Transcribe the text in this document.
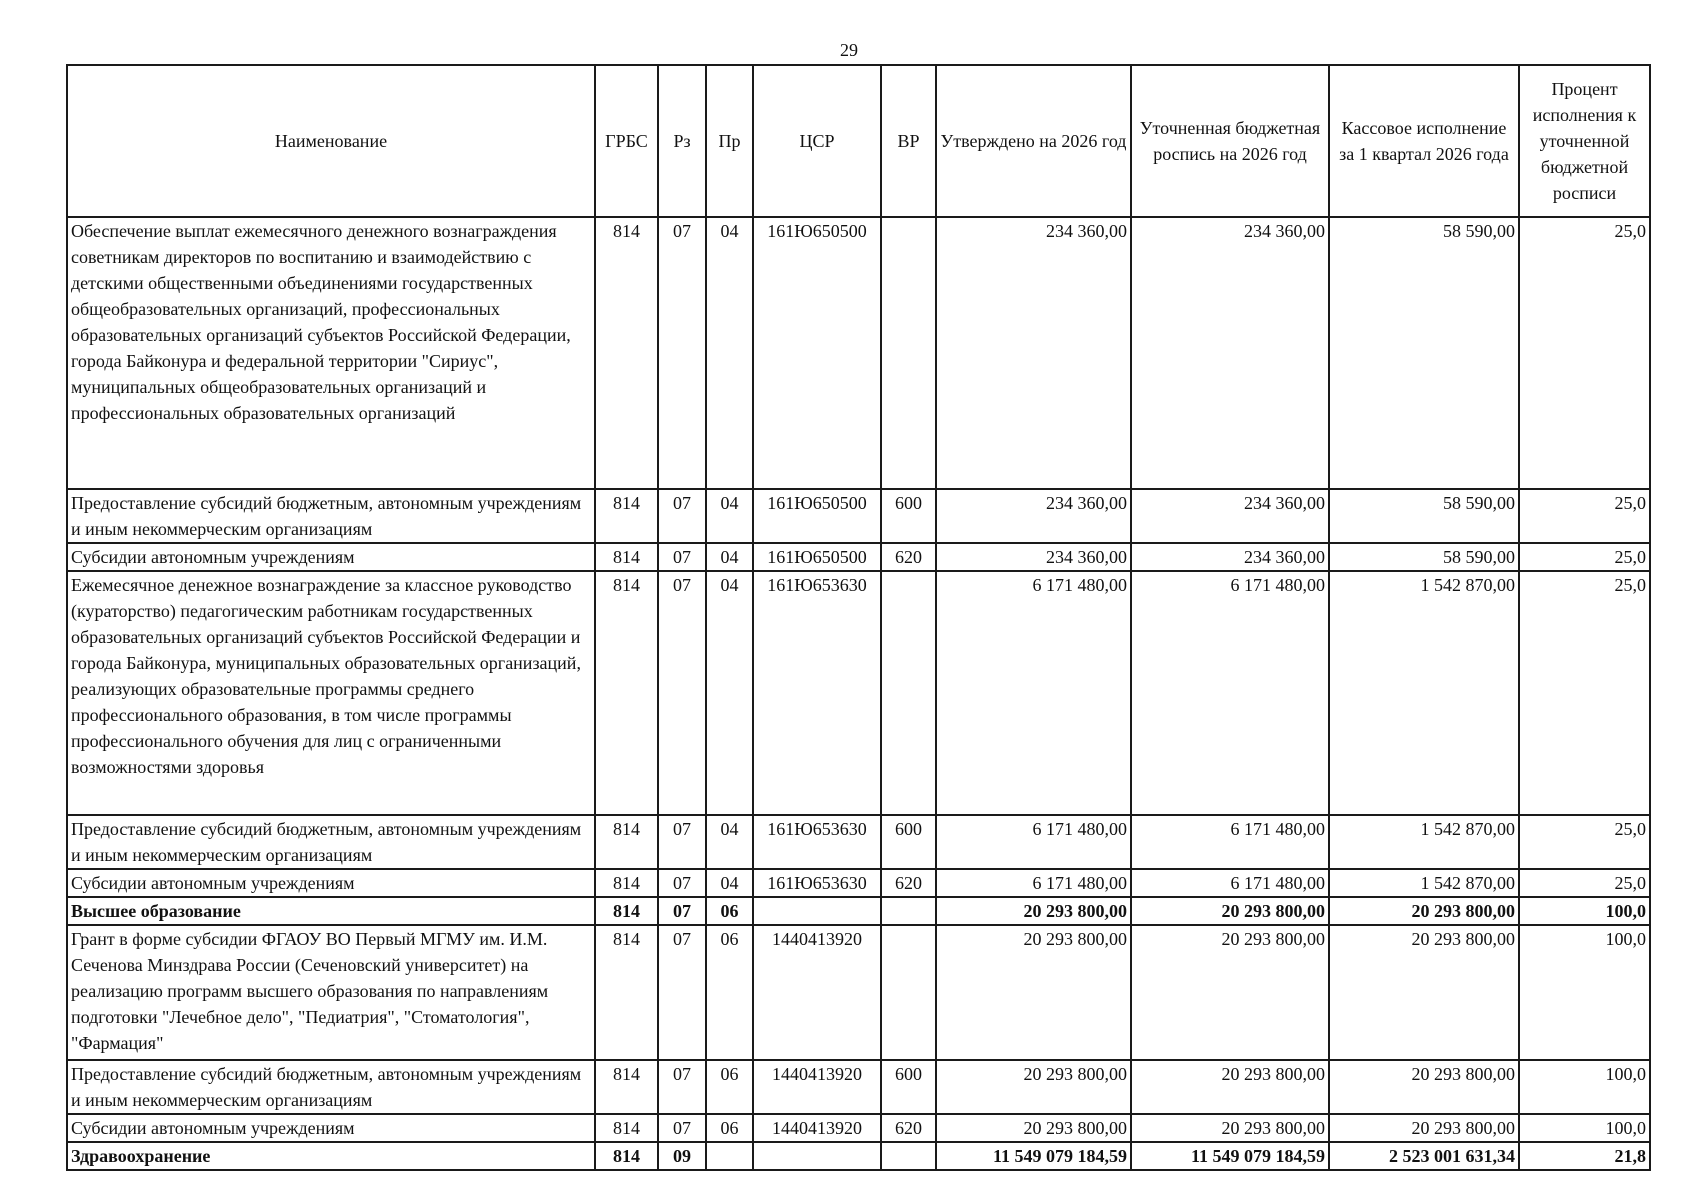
29
Наименование	ГРБС	Рз	Пр	ЦСР	ВР	Утверждено на 2026 год	Уточненная бюджетная роспись на 2026 год	Кассовое исполнение за 1 квартал 2026 года	Процент исполнения к уточненной бюджетной росписи
Обеспечение выплат ежемесячного денежного вознаграждения советникам директоров по воспитанию и взаимодействию с детскими общественными объединениями государственных общеобразовательных организаций, профессиональных образовательных организаций субъектов Российской Федерации, города Байконура и федеральной территории "Сириус", муниципальных общеобразовательных организаций и профессиональных образовательных организаций	814	07	04	161Ю650500		234 360,00	234 360,00	58 590,00	25,0
Предоставление субсидий бюджетным, автономным учреждениям и иным некоммерческим организациям	814	07	04	161Ю650500	600	234 360,00	234 360,00	58 590,00	25,0
Субсидии автономным учреждениям	814	07	04	161Ю650500	620	234 360,00	234 360,00	58 590,00	25,0
Ежемесячное денежное вознаграждение за классное руководство (кураторство) педагогическим работникам государственных образовательных организаций субъектов Российской Федерации и города Байконура, муниципальных образовательных организаций, реализующих образовательные программы среднего профессионального образования, в том числе программы профессионального обучения для лиц с ограниченными возможностями здоровья	814	07	04	161Ю653630		6 171 480,00	6 171 480,00	1 542 870,00	25,0
Предоставление субсидий бюджетным, автономным учреждениям и иным некоммерческим организациям	814	07	04	161Ю653630	600	6 171 480,00	6 171 480,00	1 542 870,00	25,0
Субсидии автономным учреждениям	814	07	04	161Ю653630	620	6 171 480,00	6 171 480,00	1 542 870,00	25,0
Высшее образование	814	07	06			20 293 800,00	20 293 800,00	20 293 800,00	100,0
Грант в форме субсидии ФГАОУ ВО Первый МГМУ им. И.М. Сеченова Минздрава России (Сеченовский университет) на реализацию программ высшего образования по направлениям подготовки "Лечебное дело", "Педиатрия", "Стоматология", "Фармация"	814	07	06	1440413920		20 293 800,00	20 293 800,00	20 293 800,00	100,0
Предоставление субсидий бюджетным, автономным учреждениям и иным некоммерческим организациям	814	07	06	1440413920	600	20 293 800,00	20 293 800,00	20 293 800,00	100,0
Субсидии автономным учреждениям	814	07	06	1440413920	620	20 293 800,00	20 293 800,00	20 293 800,00	100,0
Здравоохранение	814	09				11 549 079 184,59	11 549 079 184,59	2 523 001 631,34	21,8
